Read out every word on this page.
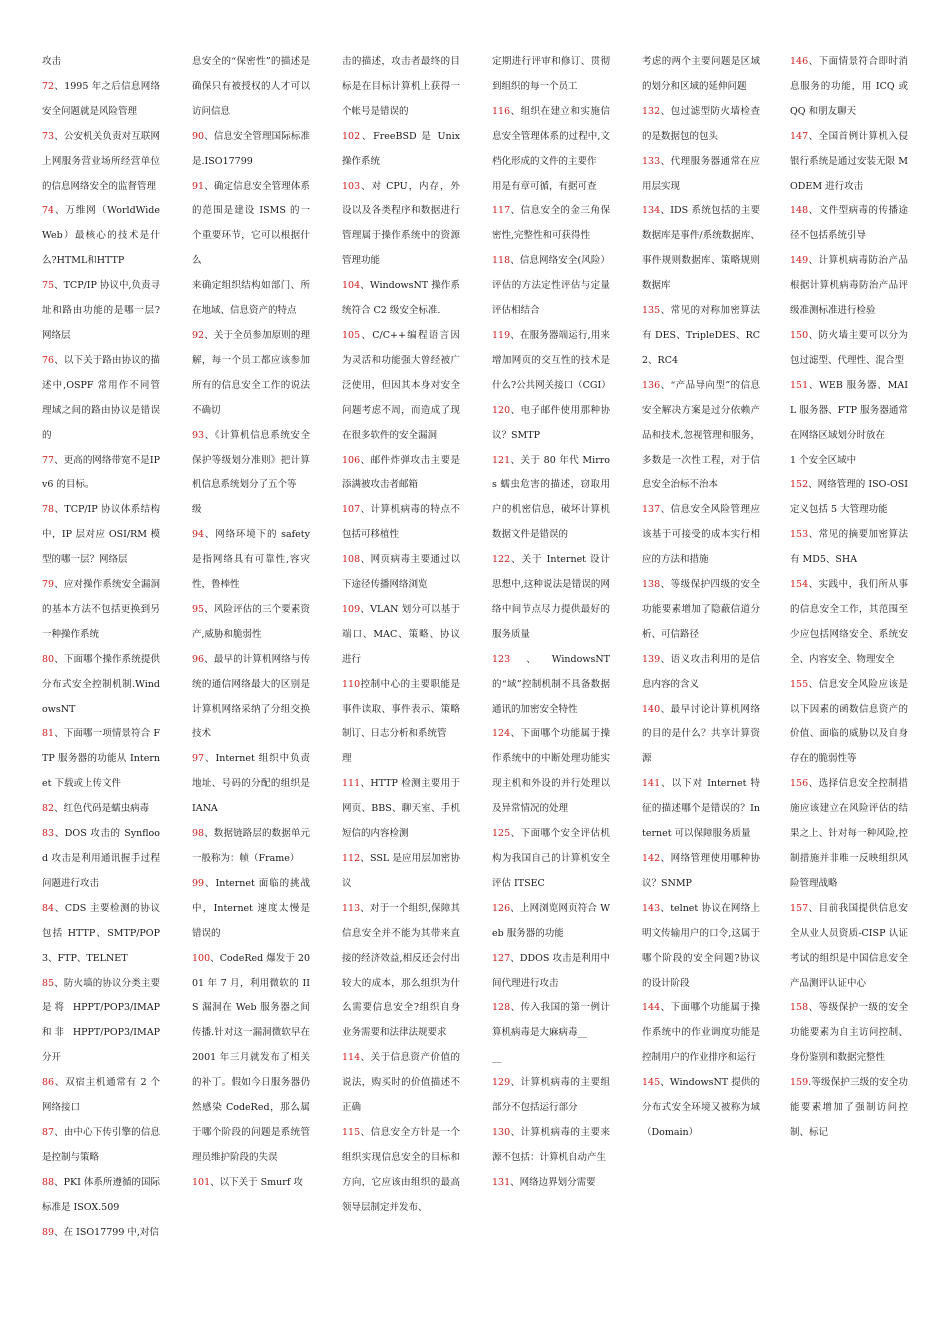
攻击

72、1995 年之后信息网络安全问题就是风险管理

73、公安机关负责对互联网上网服务营业场所经营单位的信息网络安全的监督管理

74、万维网（WorldWideWeb）最核心的技术是什么?HTML和HTTP

75、TCP/IP 协议中,负责寻址和路由功能的是哪一层?网络层

76、以下关于路由协议的描述中,OSPF 常用作不同管理域之间的路由协议是错误的

77、更高的网络带宽不是IPv6 的目标。

78、TCP/IP 协议体系结构中，IP 层对应 OSI/RM 模型的哪一层？网络层

79、应对操作系统安全漏洞的基本方法不包括更换到另一种操作系统

80、下面哪个操作系统提供分布式安全控制机制.WindowsNT

81、下面哪一项情景符合 FTP 服务器的功能从 Internet 下载或上传文件

82、红色代码是蠕虫病毒

83、DOS 攻击的 Synflood 攻击是利用通讯握手过程问题进行攻击

84、CDS 主要检测的协议包括 HTTP、SMTP/POP3、FTP、TELNET

85、防火墙的协议分类主要是将 HPPT/POP3/IMAP 和非 HPPT/POP3/IMAP 分开

86、双宿主机通常有 2 个网络接口

87、由中心下传引擎的信息是控制与策略

88、PKI 体系所遵循的国际标准是 ISOX.509

89、在 ISO17799 中,对信

息安全的“保密性”的描述是确保只有被授权的人才可以访问信息

90、信息安全管理国际标准是.ISO17799

91、确定信息安全管理体系的范围是建设 ISMS 的一个重要环节，它可以根据什么

来确定组织结构如部门、所在地域、信息资产的特点

92、关于全员参加原则的理解，每一个员工都应该参加所有的信息安全工作的说法不确切

93、《计算机信息系统安全保护等级划分准则》把计算机信息系统划分了五个等

级

94、网络环境下的 safety 是指网络具有可靠性,容灾性，鲁棒性

95、风险评估的三个要素资产,威胁和脆弱性

96、最早的计算机网络与传统的通信网络最大的区别是计算机网络采纳了分组交换技术

97、Internet 组织中负责地址、号码的分配的组织是 IANA

98、数据链路层的数据单元一般称为：帧（Frame）

99、Internet 面临的挑战中，Internet 速度太慢是错误的

100、CodeRed 爆发于 2001 年 7 月，利用微软的 IIS 漏洞在 Web 服务器之间传播.针对这一漏洞微软早在 2001 年三月就发布了相关的补丁。假如今日服务器仍然感染 CodeRed，那么属于哪个阶段的问题是系统管理员维护阶段的失误

101、以下关于 Smurf 攻

击的描述，攻击者最终的目标是在目标计算机上获得一个帐号是错误的

102、FreeBSD 是 Unix 操作系统

103、对 CPU，内存，外设以及各类程序和数据进行管理属于操作系统中的资源管理功能

104、WindowsNT 操作系统符合 C2 级安全标准.

105、C/C++编程语言因为灵活和功能强大曾经被广泛使用，但因其本身对安全问题考虑不周，而造成了现在很多软件的安全漏洞

106、邮件炸弹攻击主要是添满被攻击者邮箱

107、计算机病毒的特点不包括可移植性

108、网页病毒主要通过以下途径传播网络浏览

109、VLAN 划分可以基于端口、MAC、策略、协议进行

110控制中心的主要职能是事件读取、事件表示、策略制订、日志分析和系统管

理

111、HTTP 检测主要用于网页、BBS、聊天室、手机短信的内容检测

112、SSL 是应用层加密协议

113、对于一个组织,保障其信息安全并不能为其带来直接的经济效益,相反还会付出较大的成本，那么组织为什么需要信息安全?组织自身业务需要和法律法规要求

114、关于信息资产价值的说法，购买时的价值描述不正确

115、信息安全方针是一个组织实现信息安全的目标和方向，它应该由组织的最高领导层制定并发布、

定期进行评审和修订、贯彻到组织的每一个员工

116、组织在建立和实施信息安全管理体系的过程中,文档化形成的文件的主要作

用是有章可循，有据可查

117、信息安全的金三角保密性,完整性和可获得性

118、信息网络安全(风险）评估的方法定性评估与定量评估相结合

119、在服务器端运行,用来增加网页的交互性的技术是什么?公共网关接口（CGI）

120、电子邮件使用那种协议？SMTP

121、关于 80 年代 Mirros 蠕虫危害的描述，窃取用户的机密信息，破坏计算机数据文件是错误的

122、关于 Internet 设计思想中,这种说法是错误的网络中间节点尽力提供最好的服务质量

123、WindowsNT 的“域”控制机制不具备数据通讯的加密安全特性

124、下面哪个功能属于操作系统中的中断处理功能实现主机和外设的并行处理以及异常情况的处理

125、下面哪个安全评估机构为我国自己的计算机安全评估 ITSEC

126、上网浏览网页符合 Web 服务器的功能

127、DDOS 攻击是利用中间代理进行攻击

128、传入我国的第一例计算机病毒是大麻病毒__

__

129、计算机病毒的主要组部分不包括运行部分

130、计算机病毒的主要来源不包括：计算机自动产生

131、网络边界划分需要

考虑的两个主要问题是区域的划分和区域的延伸问题

132、包过滤型防火墙检查的是数据包的包头

133、代理服务器通常在应用层实现

134、IDS 系统包括的主要数据库是事件/系统数据库、事件规则数据库、策略规则数据库

135、常见的对称加密算法有 DES、TripleDES、RC2、RC4

136、“产品导向型”的信息安全解决方案是过分依赖产品和技术,忽视管理和服务，多数是一次性工程，对于信息安全治标不治本

137、信息安全风险管理应该基于可接受的成本实行相应的方法和措施

138、等级保护四级的安全功能要素增加了隐蔽信道分析、可信路径

139、语义攻击利用的是信息内容的含义

140、最早讨论计算机网络的目的是什么？共享计算资源

141、以下对 Internet 特征的描述哪个是错误的？Internet 可以保障服务质量

142、网络管理使用哪种协议？SNMP

143、telnet 协议在网络上明文传输用户的口令,这属于哪个阶段的安全问题?协议的设计阶段

144、下面哪个功能属于操作系统中的作业调度功能是控制用户的作业排序和运行

145、WindowsNT 提供的分布式安全环境又被称为域（Domain）

146、下面情景符合即时消息服务的功能，用 ICQ 或 QQ 和朋友聊天

147、全国首例计算机入侵银行系统是通过安装无限 MODEM 进行攻击

148、文件型病毒的传播途径不包括系统引导

149、计算机病毒防治产品根据计算机病毒防治产品评级准测标准进行检验

150、防火墙主要可以分为包过滤型、代理性、混合型

151、WEB 服务器、MAIL 服务器、FTP 服务器通常在网络区域划分时放在

1 个安全区域中

152、网络管理的 ISO-OSI 定义包括 5 大管理功能

153、常见的摘要加密算法有 MD5、SHA

154、实践中，我们所从事的信息安全工作，其范围至少应包括网络安全、系统安全、内容安全、物理安全

155、信息安全风险应该是以下因素的函数信息资产的价值、面临的威胁以及自身存在的脆弱性等

156、选择信息安全控制措施应该建立在风险评估的结果之上、针对每一种风险,控制措施并非唯一反映组织风险管理战略

157、目前我国提供信息安全从业人员资质-CISP 认证考试的组织是中国信息安全产品测评认证中心

158、等级保护一级的安全功能要素为自主访问控制、身份鉴别和数据完整性

159.等级保护三级的安全功能要素增加了强制访问控制、标记
